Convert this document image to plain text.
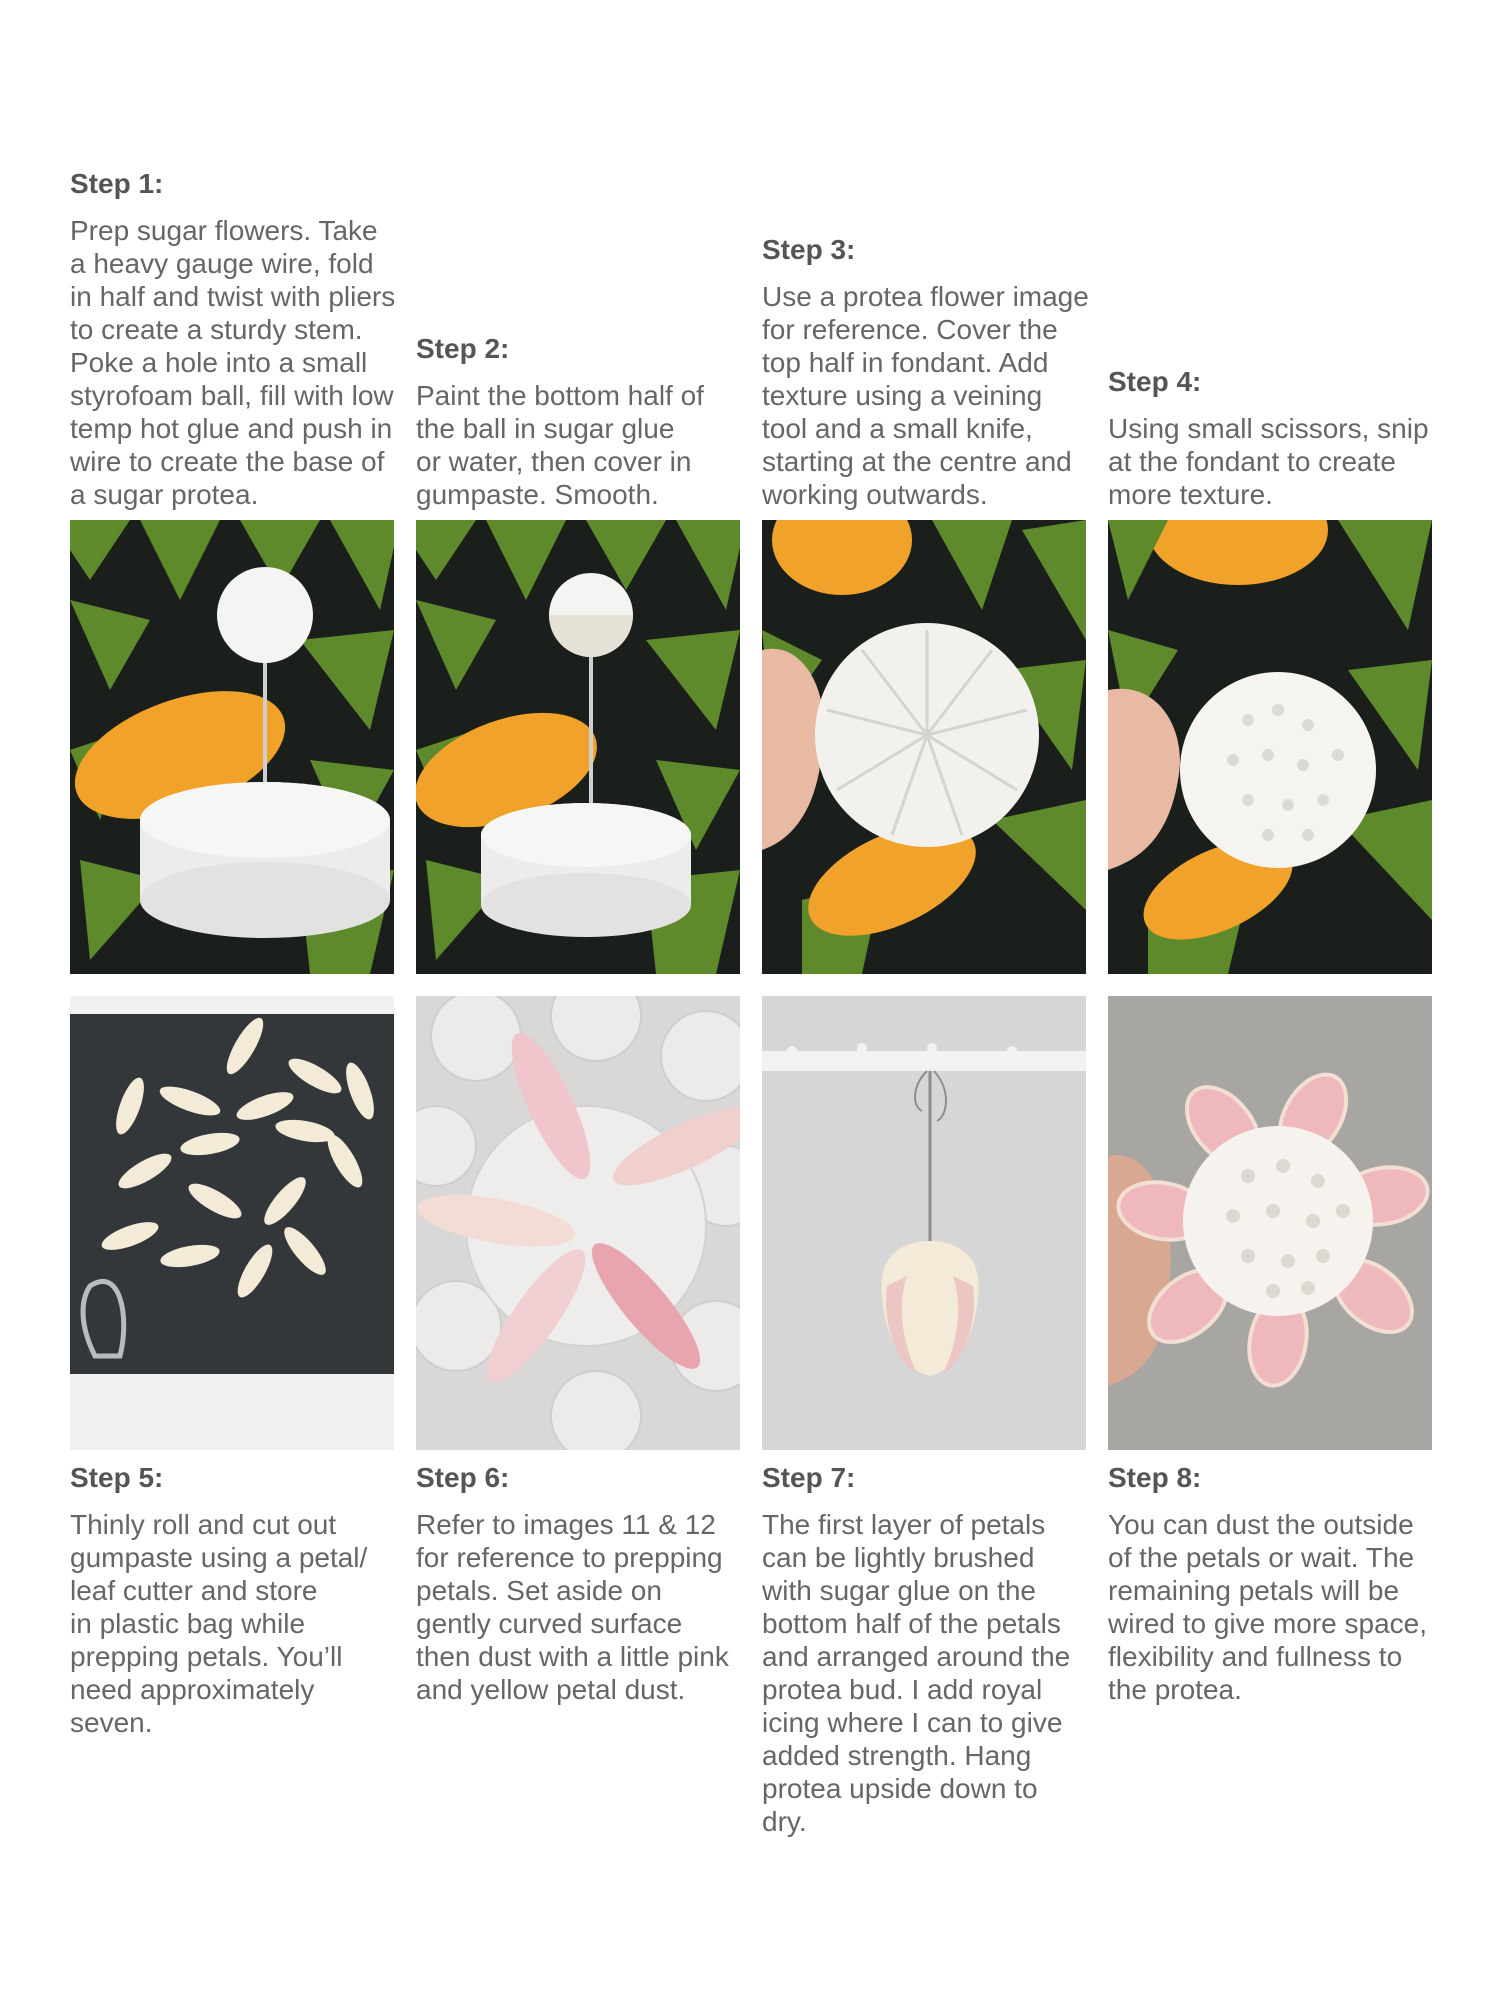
Step 1:
Prep sugar flowers. Take
a heavy gauge wire, fold
in half and twist with pliers
to create a sturdy stem.
Poke a hole into a small
styrofoam ball, fill with low
temp hot glue and push in
wire to create the base of
a sugar protea.
Step 2:
Paint the bottom half of
the ball in sugar glue
or water, then cover in
gumpaste. Smooth.
Step 3:
Use a protea flower image
for reference. Cover the
top half in fondant. Add
texture using a veining
tool and a small knife,
starting at the centre and
working outwards.
Step 4:
Using small scissors, snip
at the fondant to create
more texture.
Step 5:
Thinly roll and cut out
gumpaste using a petal/
leaf cutter and store
in plastic bag while
prepping petals. You’ll
need approximately
seven.
Step 6:
Refer to images 11 & 12
for reference to prepping
petals. Set aside on
gently curved surface
then dust with a little pink
and yellow petal dust.
Step 7:
The first layer of petals
can be lightly brushed
with sugar glue on the
bottom half of the petals
and arranged around the
protea bud. I add royal
icing where I can to give
added strength. Hang
protea upside down to
dry.
Step 8:
You can dust the outside
of the petals or wait. The
remaining petals will be
wired to give more space,
flexibility and fullness to
the protea.
